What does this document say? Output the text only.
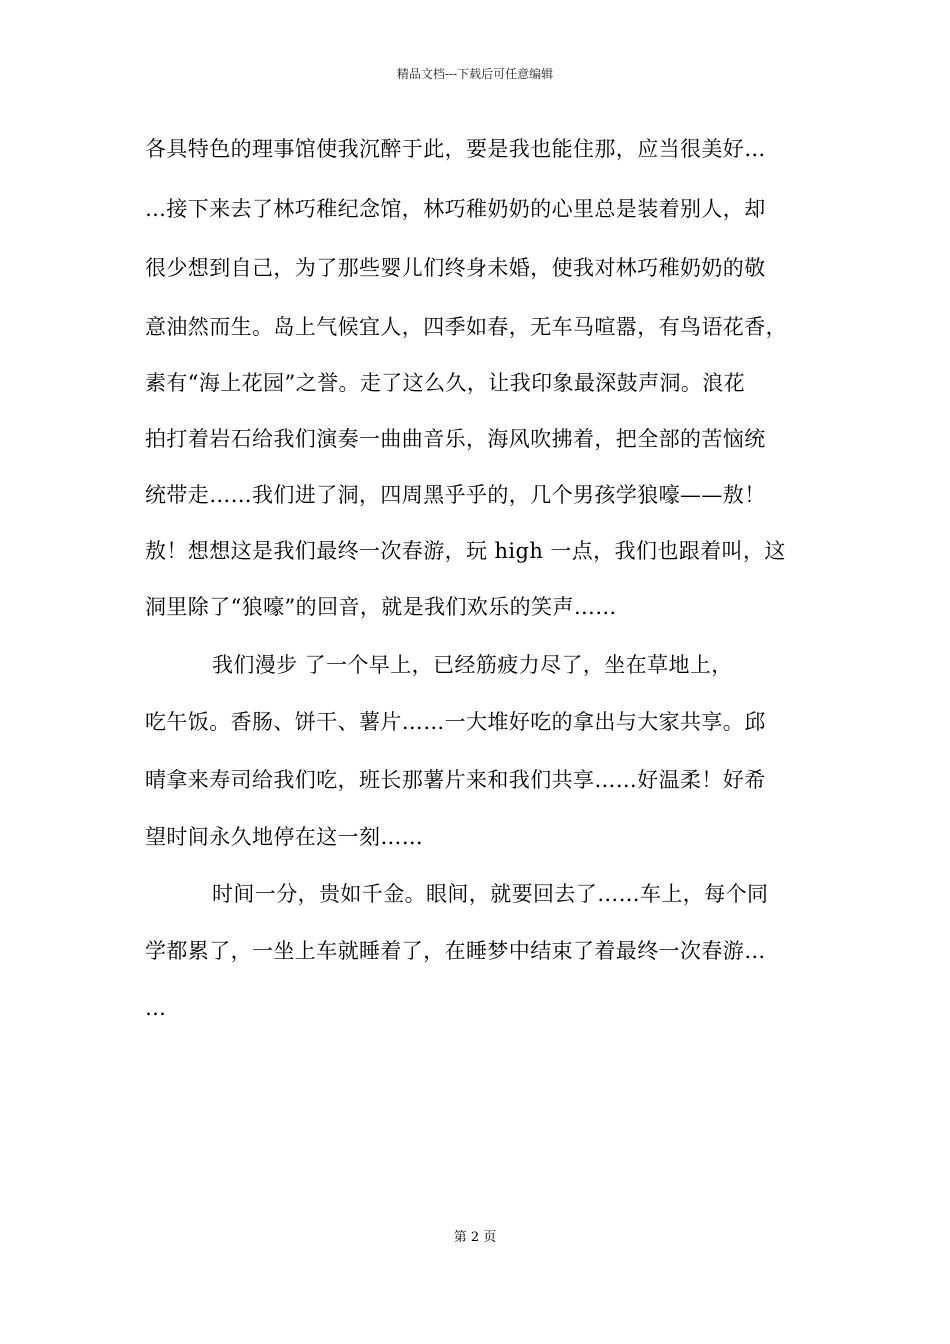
精品文档---下载后可任意编辑
各具特色的理事馆使我沉醉于此，要是我也能住那，应当很美好…
…接下来去了林巧稚纪念馆，林巧稚奶奶的心里总是装着别人，却
很少想到自己，为了那些婴儿们终身未婚，使我对林巧稚奶奶的敬
意油然而生。岛上气候宜人，四季如春，无车马喧嚣，有鸟语花香，
素有“海上花园”之誉。走了这么久，让我印象最深鼓声洞。浪花
拍打着岩石给我们演奏一曲曲音乐，海风吹拂着，把全部的苦恼统
统带走……我们进了洞，四周黑乎乎的，几个男孩学狼嚎——敖！
敖！想想这是我们最终一次春游，玩 high 一点，我们也跟着叫，这
洞里除了“狼嚎”的回音，就是我们欢乐的笑声……
我们漫步 了一个早上，已经筋疲力尽了，坐在草地上，
吃午饭。香肠、饼干、薯片……一大堆好吃的拿出与大家共享。邱
晴拿来寿司给我们吃，班长那薯片来和我们共享……好温柔！好希
望时间永久地停在这一刻……
时间一分，贵如千金。眼间，就要回去了……车上，每个同
学都累了，一坐上车就睡着了，在睡梦中结束了着最终一次春游…
…
第 2 页
